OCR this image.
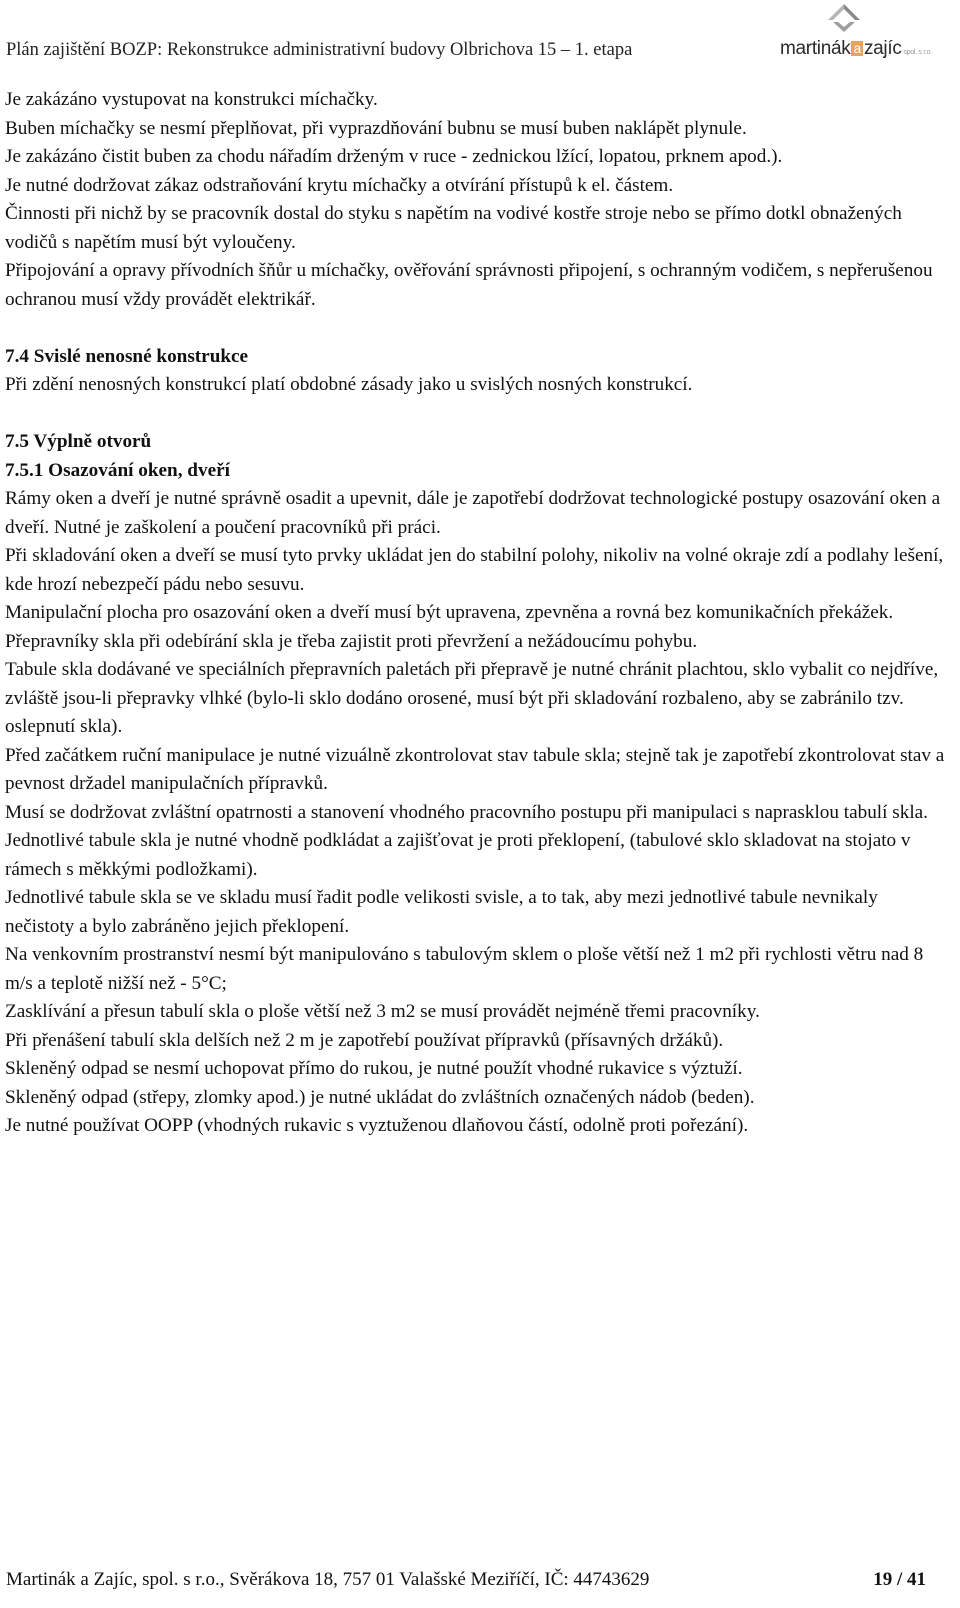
Plán zajištění BOZP: Rekonstrukce administrativní budovy Olbrichova 15 – 1. etapa	martinák a zajíc spol. s r.o.

Je zakázáno vystupovat na konstrukci míchačky.

Buben míchačky se nesmí přeplňovat, při vyprazdňování bubnu se musí buben naklápět plynule.

Je zakázáno čistit buben za chodu nářadím drženým v ruce - zednickou lžící, lopatou, prknem apod.).

Je nutné dodržovat zákaz odstraňování krytu míchačky a otvírání přístupů k el. částem.

Činnosti při nichž by se pracovník dostal do styku s napětím na vodivé kostře stroje nebo se přímo dotkl obnažených vodičů s napětím musí být vyloučeny.

Připojování a opravy přívodních šňůr u míchačky, ověřování správnosti připojení, s ochranným vodičem, s nepřerušenou ochranou musí vždy provádět elektrikář.

7.4 Svislé nenosné konstrukce

Při zdění nenosných konstrukcí platí obdobné zásady jako u svislých nosných konstrukcí.

7.5 Výplně otvorů
7.5.1 Osazování oken, dveří

Rámy oken a dveří je nutné správně osadit a upevnit, dále je zapotřebí dodržovat technologické postupy osazování oken a dveří. Nutné je zaškolení a poučení pracovníků při práci.

Při skladování oken a dveří se musí tyto prvky ukládat jen do stabilní polohy, nikoliv na volné okraje zdí a podlahy lešení, kde hrozí nebezpečí pádu nebo sesuvu.

Manipulační plocha pro osazování oken a dveří musí být upravena, zpevněna a rovná bez komunikačních překážek.

Přepravníky skla při odebírání skla je třeba zajistit proti převržení a nežádoucímu pohybu.

Tabule skla dodávané ve speciálních přepravních paletách při přepravě je nutné chránit plachtou, sklo vybalit co nejdříve, zvláště jsou-li přepravky vlhké (bylo-li sklo dodáno orosené, musí být při skladování rozbaleno, aby se zabránilo tzv. oslepnutí skla).

Před začátkem ruční manipulace je nutné vizuálně zkontrolovat stav tabule skla; stejně tak je zapotřebí zkontrolovat stav a pevnost držadel manipulačních přípravků.

Musí se dodržovat zvláštní opatrnosti a stanovení vhodného pracovního postupu při manipulaci s naprasklou tabulí skla.

Jednotlivé tabule skla je nutné vhodně podkládat a zajišťovat je proti překlopení, (tabulové sklo skladovat na stojato v rámech s měkkými podložkami).

Jednotlivé tabule skla se ve skladu musí řadit podle velikosti svisle, a to tak, aby mezi jednotlivé tabule nevnikaly nečistoty a bylo zabráněno jejich překlopení.

Na venkovním prostranství nesmí být manipulováno s tabulovým sklem o ploše větší než 1 m2 při rychlosti větru nad 8 m/s a teplotě nižší než - 5°C;

Zasklívání a přesun tabulí skla o ploše větší než 3 m2 se musí provádět nejméně třemi pracovníky.

Při přenášení tabulí skla delších než 2 m je zapotřebí používat přípravků (přísavných držáků).

Skleněný odpad se nesmí uchopovat přímo do rukou, je nutné použít vhodné rukavice s výztuží.

Skleněný odpad (střepy, zlomky apod.) je nutné ukládat do zvláštních označených nádob (beden).

Je nutné používat OOPP (vhodných rukavic s vyztuženou dlaňovou částí, odolně proti pořezání).

Martinák a Zajíc, spol. s r.o., Svěrákova 18, 757 01 Valašské Meziříčí, IČ: 44743629	19 / 41
